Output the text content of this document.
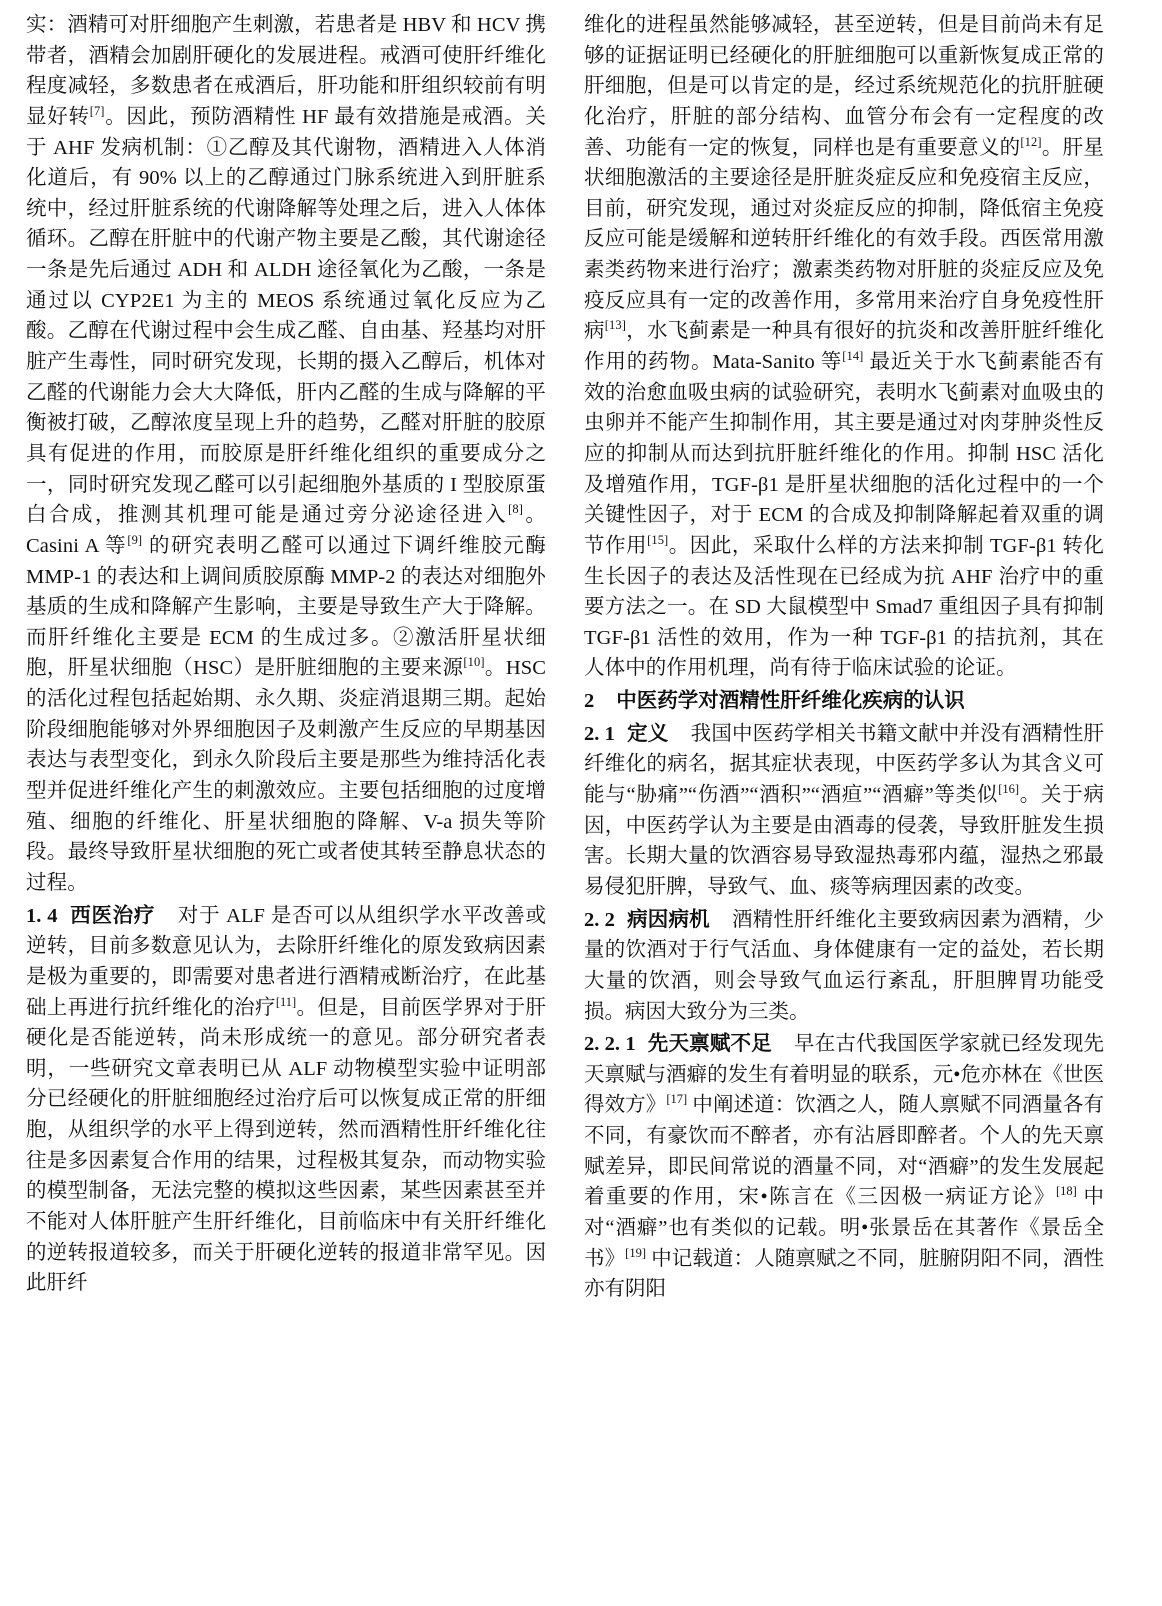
实：酒精可对肝细胞产生刺激，若患者是 HBV 和 HCV 携带者，酒精会加剧肝硬化的发展进程。戒酒可使肝纤维化程度减轻，多数患者在戒酒后，肝功能和肝组织较前有明显好转[7]。因此，预防酒精性 HF 最有效措施是戒酒。关于 AHF 发病机制：①乙醇及其代谢物，酒精进入人体消化道后，有 90% 以上的乙醇通过门脉系统进入到肝脏系统中，经过肝脏系统的代谢降解等处理之后，进入人体体循环。乙醇在肝脏中的代谢产物主要是乙酸，其代谢途径一条是先后通过 ADH 和 ALDH 途径氧化为乙酸，一条是通过以 CYP2E1 为主的 MEOS 系统通过氧化反应为乙酸。乙醇在代谢过程中会生成乙醛、自由基、羟基均对肝脏产生毒性，同时研究发现，长期的摄入乙醇后，机体对乙醛的代谢能力会大大降低，肝内乙醛的生成与降解的平衡被打破，乙醇浓度呈现上升的趋势，乙醛对肝脏的胶原具有促进的作用，而胶原是肝纤维化组织的重要成分之一，同时研究发现乙醛可以引起细胞外基质的 I 型胶原蛋白合成，推测其机理可能是通过旁分泌途径进入[8]。Casini A 等[9] 的研究表明乙醛可以通过下调纤维胶元酶 MMP-1 的表达和上调间质胶原酶 MMP-2 的表达对细胞外基质的生成和降解产生影响，主要是导致生产大于降解。而肝纤维化主要是 ECM 的生成过多。②激活肝星状细胞，肝星状细胞（HSC）是肝脏细胞的主要来源[10]。HSC 的活化过程包括起始期、永久期、炎症消退期三期。起始阶段细胞能够对外界细胞因子及刺激产生反应的早期基因表达与表型变化，到永久阶段后主要是那些为维持活化表型并促进纤维化产生的刺激效应。主要包括细胞的过度增殖、细胞的纤维化、肝星状细胞的降解、V-a 损失等阶段。最终导致肝星状细胞的死亡或者使其转至静息状态的过程。

1. 4 西医治疗 对于 ALF 是否可以从组织学水平改善或逆转，目前多数意见认为，去除肝纤维化的原发致病因素是极为重要的，即需要对患者进行酒精戒断治疗，在此基础上再进行抗纤维化的治疗[11]。但是，目前医学界对于肝硬化是否能逆转，尚未形成统一的意见。部分研究者表明，一些研究文章表明已从 ALF 动物模型实验中证明部分已经硬化的肝脏细胞经过治疗后可以恢复成正常的肝细胞，从组织学的水平上得到逆转，然而酒精性肝纤维化往往是多因素复合作用的结果，过程极其复杂，而动物实验的模型制备，无法完整的模拟这些因素，某些因素甚至并不能对人体肝脏产生肝纤维化，目前临床中有关肝纤维化的逆转报道较多，而关于肝硬化逆转的报道非常罕见。因此肝纤

维化的进程虽然能够减轻，甚至逆转，但是目前尚未有足够的证据证明已经硬化的肝脏细胞可以重新恢复成正常的肝细胞，但是可以肯定的是，经过系统规范化的抗肝脏硬化治疗，肝脏的部分结构、血管分布会有一定程度的改善、功能有一定的恢复，同样也是有重要意义的[12]。肝星状细胞激活的主要途径是肝脏炎症反应和免疫宿主反应，目前，研究发现，通过对炎症反应的抑制，降低宿主免疫反应可能是缓解和逆转肝纤维化的有效手段。西医常用激素类药物来进行治疗；激素类药物对肝脏的炎症反应及免疫反应具有一定的改善作用，多常用来治疗自身免疫性肝病[13]，水飞蓟素是一种具有很好的抗炎和改善肝脏纤维化作用的药物。Mata-Sanito 等[14] 最近关于水飞蓟素能否有效的治愈血吸虫病的试验研究，表明水飞蓟素对血吸虫的虫卵并不能产生抑制作用，其主要是通过对肉芽肿炎性反应的抑制从而达到抗肝脏纤维化的作用。抑制 HSC 活化及增殖作用，TGF-β1 是肝星状细胞的活化过程中的一个关键性因子，对于 ECM 的合成及抑制降解起着双重的调节作用[15]。因此，采取什么样的方法来抑制 TGF-β1 转化生长因子的表达及活性现在已经成为抗 AHF 治疗中的重要方法之一。在 SD 大鼠模型中 Smad7 重组因子具有抑制 TGF-β1 活性的效用，作为一种 TGF-β1 的拮抗剂，其在人体中的作用机理，尚有待于临床试验的论证。

2 中医药学对酒精性肝纤维化疾病的认识

2. 1 定义 我国中医药学相关书籍文献中并没有酒精性肝纤维化的病名，据其症状表现，中医药学多认为其含义可能与“胁痛”“伤酒”“酒积”“酒疸”“酒癖”等类似[16]。关于病因，中医药学认为主要是由酒毒的侵袭，导致肝脏发生损害。长期大量的饮酒容易导致湿热毒邪内蕴，湿热之邪最易侵犯肝脾，导致气、血、痰等病理因素的改变。

2. 2 病因病机 酒精性肝纤维化主要致病因素为酒精，少量的饮酒对于行气活血、身体健康有一定的益处，若长期大量的饮酒，则会导致气血运行紊乱，肝胆脾胃功能受损。病因大致分为三类。

2. 2. 1 先天禀赋不足 早在古代我国医学家就已经发现先天禀赋与酒癖的发生有着明显的联系，元•危亦林在《世医得效方》[17] 中阐述道：饮酒之人，随人禀赋不同酒量各有不同，有豪饮而不醉者，亦有沾唇即醉者。个人的先天禀赋差异，即民间常说的酒量不同，对“酒癖”的发生发展起着重要的作用，宋•陈言在《三因极一病证方论》[18] 中对“酒癖”也有类似的记载。明•张景岳在其著作《景岳全书》[19] 中记载道：人随禀赋之不同，脏腑阴阳不同，酒性亦有阴阳
